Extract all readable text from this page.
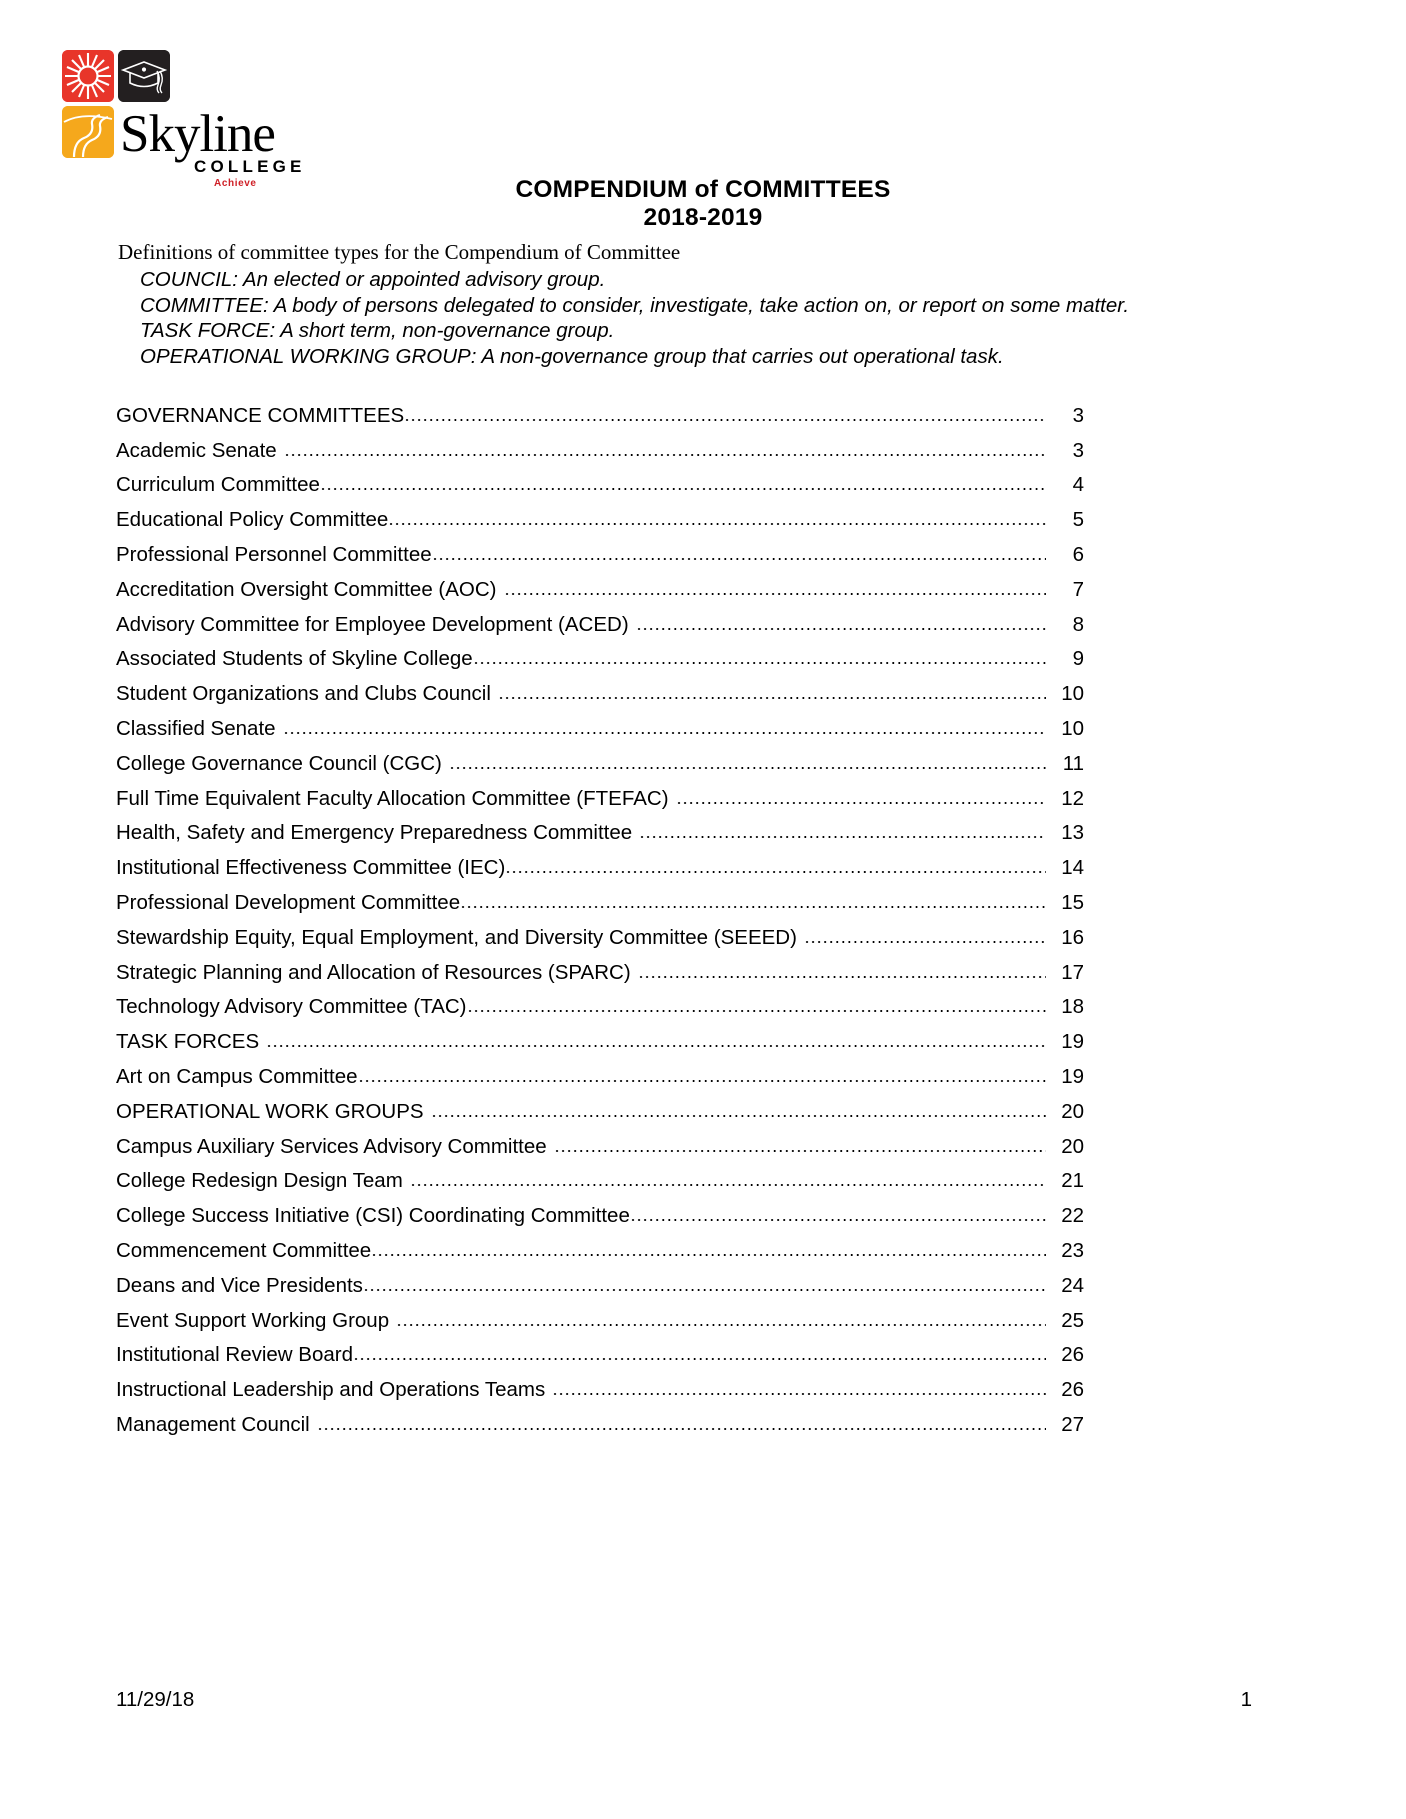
Skyline
COLLEGE
Achieve	COMPENDIUM of COMMITTEES
2018-2019

Definitions of committee types for the Compendium of Committee

COUNCIL: An elected or appointed advisory group.

COMMITTEE: A body of persons delegated to consider, investigate, take action on, or report on some matter.

TASK FORCE: A short term, non-governance group.

OPERATIONAL WORKING GROUP: A non-governance group that carries out operational task.

GOVERNANCE COMMITTEES	3
Academic Senate	3
Curriculum Committee	4
Educational Policy Committee	5
Professional Personnel Committee	6
Accreditation Oversight Committee (AOC)	7
Advisory Committee for Employee Development (ACED)	8
Associated Students of Skyline College	9
Student Organizations and Clubs Council	10
Classified Senate	10
College Governance Council (CGC)	11
Full Time Equivalent Faculty Allocation Committee (FTEFAC)	12
Health, Safety and Emergency Preparedness Committee	13
Institutional Effectiveness Committee (IEC)	14
Professional Development Committee	15
Stewardship Equity, Equal Employment, and Diversity Committee (SEEED)	16
Strategic Planning and Allocation of Resources (SPARC)	17
Technology Advisory Committee (TAC)	18
TASK FORCES	19
Art on Campus Committee	19
OPERATIONAL WORK GROUPS	20
Campus Auxiliary Services Advisory Committee	20
College Redesign Design Team	21
College Success Initiative (CSI) Coordinating Committee	22
Commencement Committee	23
Deans and Vice Presidents	24
Event Support Working Group	25
Institutional Review Board	26
Instructional Leadership and Operations Teams	26
Management Council	27
11/29/18	1
